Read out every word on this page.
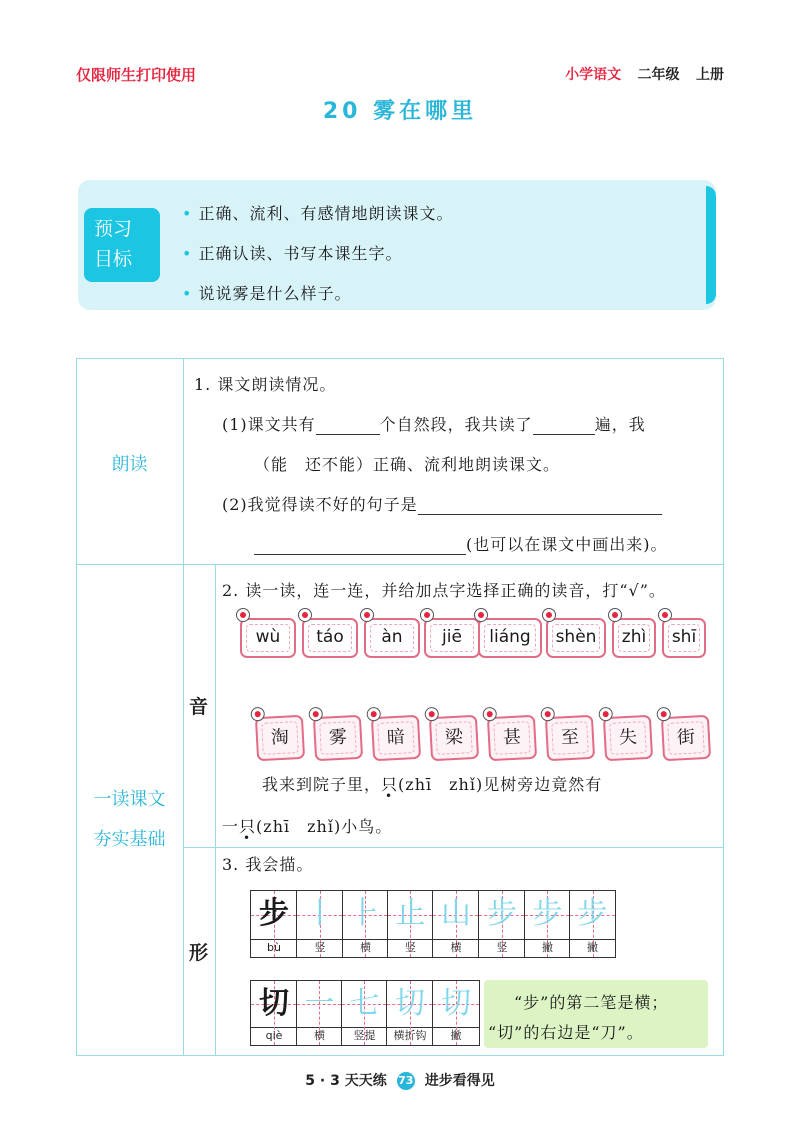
仅限师生打印使用	小学语文 二年级 上册
20 雾在哪里
预习
目标
• 正确、流利、有感情地朗读课文。
• 正确认读、书写本课生字。
• 说说雾是什么样子。
朗读
1. 课文朗读情况。
(1)课文共有	个自然段，我共读了	遍，我
（能　还不能）正确、流利地朗读课文。
(2)我觉得读不好的句子是
(也可以在课文中画出来)。
一读课文
夯实基础
音
形
2. 读一读，连一连，并给加点字选择正确的读音，打“√”。
wù	táo	àn	jiē	liáng	shèn	zhì	shī
淘	雾	暗	梁	甚	至	失	街
我来到院子里，只(zhī　zhǐ)见树旁边竟然有
一只(zhī　zhǐ)小鸟。
3. 我会描。
步 丨 ⺊ 止 ⼭ 步 步 步
bù	竖	横	竖	横	竖	撇	撇
切 一 七 切 切
qiè	横	竖提	横折钩	撇
“步”的第二笔是横；
“切”的右边是“刀”。
5 · 3 天天练 73 进步看得见
